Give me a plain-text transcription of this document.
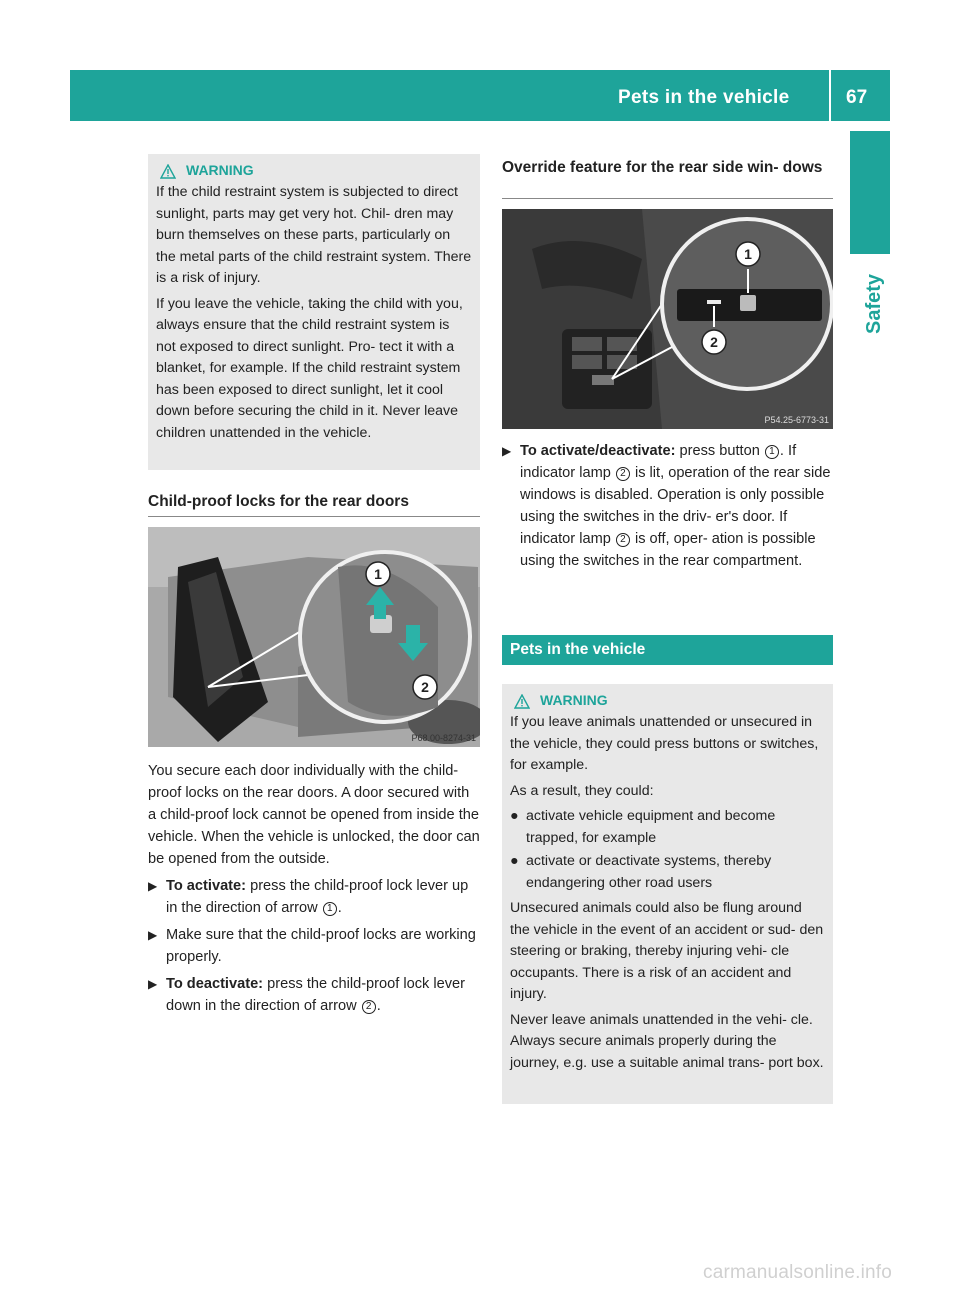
Pets in the vehicle	67
Safety
WARNING

If the child restraint system is subjected to direct sunlight, parts may get very hot. Chil- dren may burn themselves on these parts, particularly on the metal parts of the child restraint system. There is a risk of injury.

If you leave the vehicle, taking the child with you, always ensure that the child restraint system is not exposed to direct sunlight. Pro- tect it with a blanket, for example. If the child restraint system has been exposed to direct sunlight, let it cool down before securing the child in it. Never leave children unattended in the vehicle.

Child-proof locks for the rear doors
1
2
P68.00-8274-31
You secure each door individually with the child-proof locks on the rear doors. A door secured with a child-proof lock cannot be opened from inside the vehicle. When the vehicle is unlocked, the door can be opened from the outside.
▶ To activate: press the child-proof lock lever up in the direction of arrow 1 .
▶ Make sure that the child-proof locks are working properly.
▶ To deactivate: press the child-proof lock lever down in the direction of arrow 2 .
Override feature for the rear side win- dows
1
2
P54.25-6773-31
▶ To activate/deactivate: press button 1 . If indicator lamp 2 is lit, operation of the rear side windows is disabled. Operation is only possible using the switches in the driv- er's door. If indicator lamp 2 is off, oper- ation is possible using the switches in the rear compartment.
Pets in the vehicle
WARNING

If you leave animals unattended or unsecured in the vehicle, they could press buttons or switches, for example.

As a result, they could:

● activate vehicle equipment and become trapped, for example
● activate or deactivate systems, thereby endangering other road users

Unsecured animals could also be flung around the vehicle in the event of an accident or sud- den steering or braking, thereby injuring vehi- cle occupants. There is a risk of an accident and injury.

Never leave animals unattended in the vehi- cle. Always secure animals properly during the journey, e.g. use a suitable animal trans- port box.

carmanualsonline.info
